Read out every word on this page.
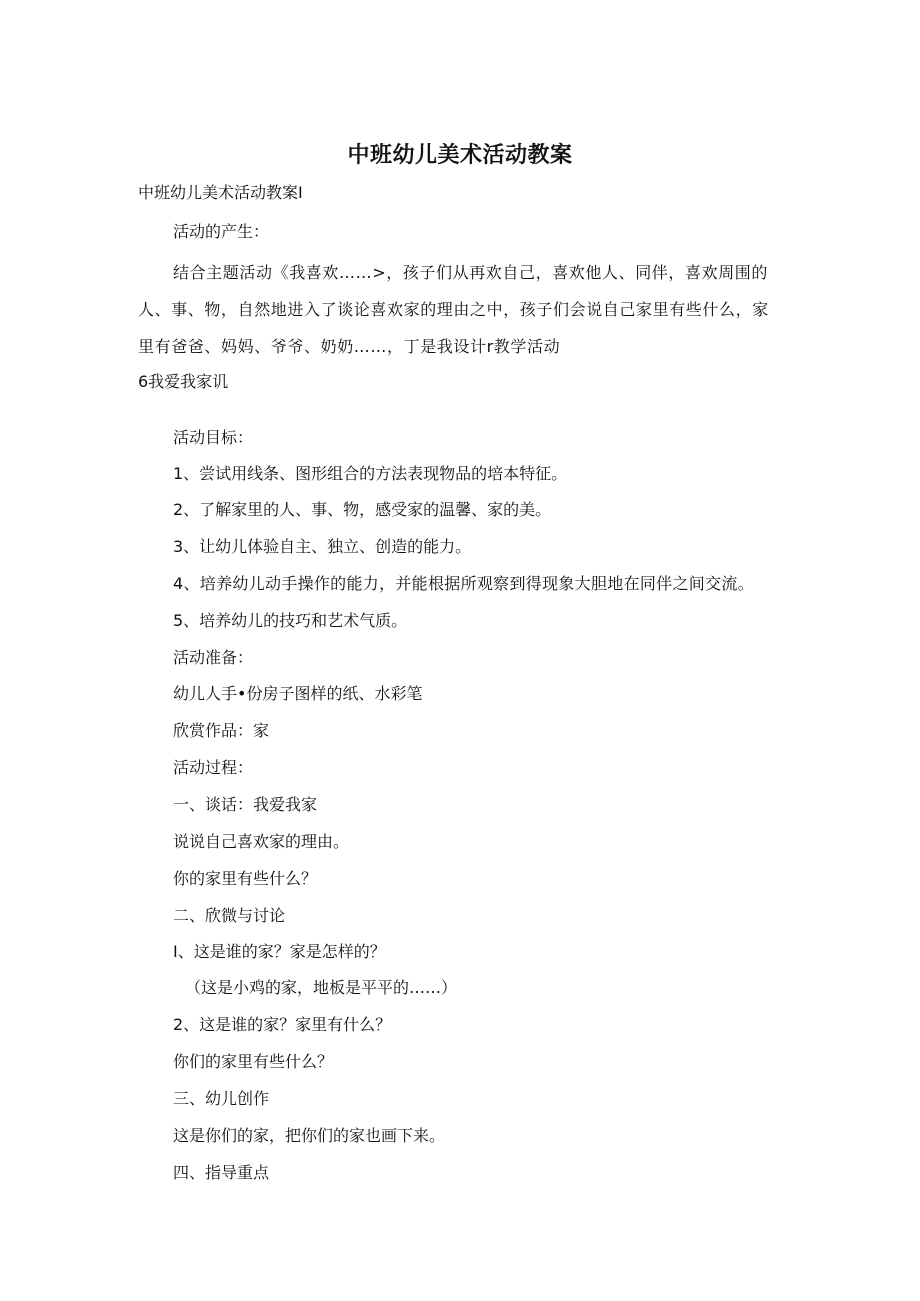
中班幼儿美术活动教案
中班幼儿美术活动教案I
活动的产生：
结合主题活动《我喜欢……>，孩子们从再欢自己，喜欢他人、同伴，喜欢周围的人、事、物，自然地进入了谈论喜欢家的理由之中，孩子们会说自己家里有些什么，家里有爸爸、妈妈、爷爷、奶奶……，丁是我设计r教学活动
6我爱我家讥
活动目标：
1、尝试用线条、图形组合的方法表现物品的培本特征。
2、了解家里的人、事、物，感受家的温馨、家的美。
3、让幼儿体验自主、独立、创造的能力。
4、培养幼儿动手操作的能力，并能根据所观察到得现象大胆地在同伴之间交流。
5、培养幼儿的技巧和艺术气质。
活动准备：
幼儿人手•份房子图样的纸、水彩笔
欣赏作品：家
活动过程：
一、谈话：我爱我家
说说自己喜欢家的理由。
你的家里有些什么？
二、欣微与讨论
I、这是谁的家？家是怎样的？
（这是小鸡的家，地板是平平的……）
2、这是谁的家？家里有什么？
你们的家里有些什么？
三、幼儿创作
这是你们的家，把你们的家也画下来。
四、指导重点
